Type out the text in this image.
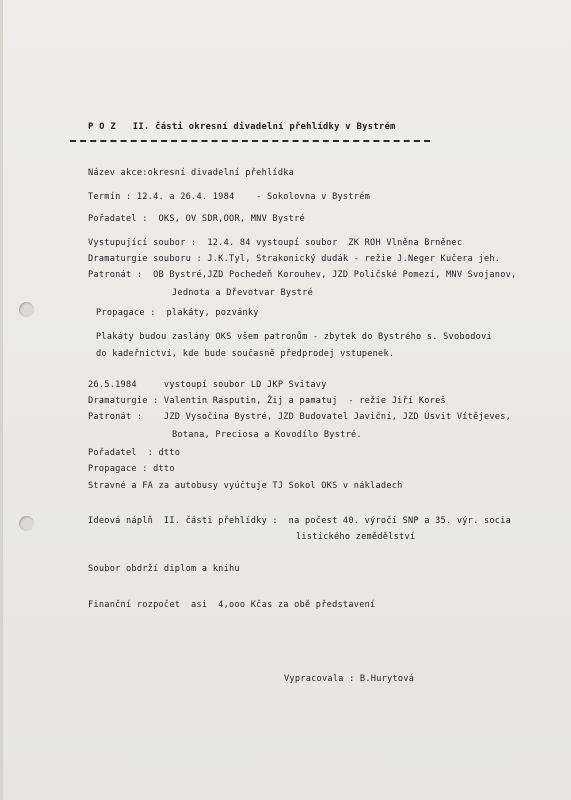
P O Z   II. části okresní divadelní přehlídky v Bystrém
Název akce:okresní divadelní přehlídka
Termín : 12.4. a 26.4. 1984    - Sokolovna v Bystrém
Pořadatel :  OKS, OV SDR,OOR, MNV Bystré
Vystupující soubor :  12.4. 84 vystoupí soubor  ZK ROH Vlněna Brněnec
Dramaturgie souboru : J.K.Tyl, Strakonický dudák - režie J.Neger Kučera jeh.
Patronát :  OB Bystré,JZD Pochedeň Korouhev, JZD Poličské Pomezí, MNV Svojanov,
Jednota a Dřevotvar Bystré
Propagace :  plakáty, pozvánky
Plakáty budou zaslány OKS všem patronům - zbytek do Bystrého s. Svobodovi
do kadeřnictví, kde bude současně předprodej vstupenek.
26.5.1984     vystoupí soubor LD JKP Svitavy
Dramaturgie : Valentin Rasputin, Žij a pamatuj  - režie Jiří Koreš
Patronát :    JZD Vysočina Bystré, JZD Budovatel Javiční, JZD Úsvit Vítějeves,
Botana, Preciosa a Kovodílo Bystré.
Pořadatel  : dtto
Propagace : dtto
Stravné a FA za autobusy vyúčtuje TJ Sokol OKS v nákladech
Ideová náplň  II. části přehlídky :  na počest 40. výročí SNP a 35. výr. socia
listického zemědělství
Soubor obdrží diplom a knihu
Finanční rozpočet  asi  4,ooo Kčas za obě představení
Vypracovala : B.Hurytová
